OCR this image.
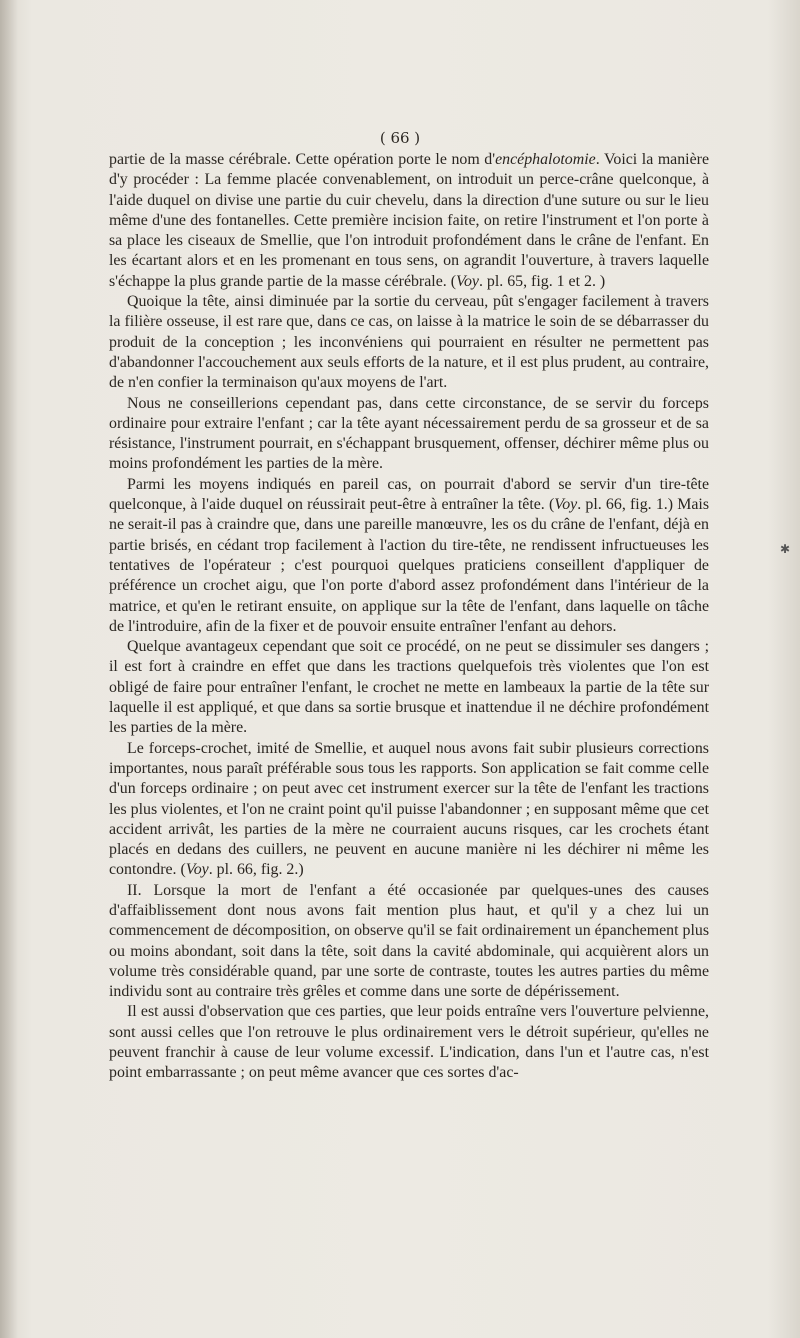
( 66 )

partie de la masse cérébrale. Cette opération porte le nom d'encéphalotomie. Voici la manière d'y procéder : La femme placée convenablement, on introduit un perce-crâne quelconque, à l'aide duquel on divise une partie du cuir chevelu, dans la direction d'une suture ou sur le lieu même d'une des fontanelles. Cette première incision faite, on retire l'instrument et l'on porte à sa place les ciseaux de Smellie, que l'on introduit profondément dans le crâne de l'enfant. En les écartant alors et en les promenant en tous sens, on agrandit l'ouverture, à travers laquelle s'échappe la plus grande partie de la masse cérébrale. (Voy. pl. 65, fig. 1 et 2. )

Quoique la tête, ainsi diminuée par la sortie du cerveau, pût s'engager facilement à travers la filière osseuse, il est rare que, dans ce cas, on laisse à la matrice le soin de se débarrasser du produit de la conception ; les inconvéniens qui pourraient en résulter ne permettent pas d'abandonner l'accouchement aux seuls efforts de la nature, et il est plus prudent, au contraire, de n'en confier la terminaison qu'aux moyens de l'art.

Nous ne conseillerions cependant pas, dans cette circonstance, de se servir du forceps ordinaire pour extraire l'enfant ; car la tête ayant nécessairement perdu de sa grosseur et de sa résistance, l'instrument pourrait, en s'échappant brusquement, offenser, déchirer même plus ou moins profondément les parties de la mère.

Parmi les moyens indiqués en pareil cas, on pourrait d'abord se servir d'un tire-tête quelconque, à l'aide duquel on réussirait peut-être à entraîner la tête. (Voy. pl. 66, fig. 1.) Mais ne serait-il pas à craindre que, dans une pareille manœuvre, les os du crâne de l'enfant, déjà en partie brisés, en cédant trop facilement à l'action du tire-tête, ne rendissent infructueuses les tentatives de l'opérateur ; c'est pourquoi quelques praticiens conseillent d'appliquer de préférence un crochet aigu, que l'on porte d'abord assez profondément dans l'intérieur de la matrice, et qu'en le retirant ensuite, on applique sur la tête de l'enfant, dans laquelle on tâche de l'introduire, afin de la fixer et de pouvoir ensuite entraîner l'enfant au dehors.

Quelque avantageux cependant que soit ce procédé, on ne peut se dissimuler ses dangers ; il est fort à craindre en effet que dans les tractions quelquefois très violentes que l'on est obligé de faire pour entraîner l'enfant, le crochet ne mette en lambeaux la partie de la tête sur laquelle il est appliqué, et que dans sa sortie brusque et inattendue il ne déchire profondément les parties de la mère.

Le forceps-crochet, imité de Smellie, et auquel nous avons fait subir plusieurs corrections importantes, nous paraît préférable sous tous les rapports. Son application se fait comme celle d'un forceps ordinaire ; on peut avec cet instrument exercer sur la tête de l'enfant les tractions les plus violentes, et l'on ne craint point qu'il puisse l'abandonner ; en supposant même que cet accident arrivât, les parties de la mère ne courraient aucuns risques, car les crochets étant placés en dedans des cuillers, ne peuvent en aucune manière ni les déchirer ni même les contondre. (Voy. pl. 66, fig. 2.)

II. Lorsque la mort de l'enfant a été occasionée par quelques-unes des causes d'affaiblissement dont nous avons fait mention plus haut, et qu'il y a chez lui un commencement de décomposition, on observe qu'il se fait ordinairement un épanchement plus ou moins abondant, soit dans la tête, soit dans la cavité abdominale, qui acquièrent alors un volume très considérable quand, par une sorte de contraste, toutes les autres parties du même individu sont au contraire très grêles et comme dans une sorte de dépérissement.

Il est aussi d'observation que ces parties, que leur poids entraîne vers l'ouverture pelvienne, sont aussi celles que l'on retrouve le plus ordinairement vers le détroit supérieur, qu'elles ne peuvent franchir à cause de leur volume excessif. L'indication, dans l'un et l'autre cas, n'est point embarrassante ; on peut même avancer que ces sortes d'ac-

✱
